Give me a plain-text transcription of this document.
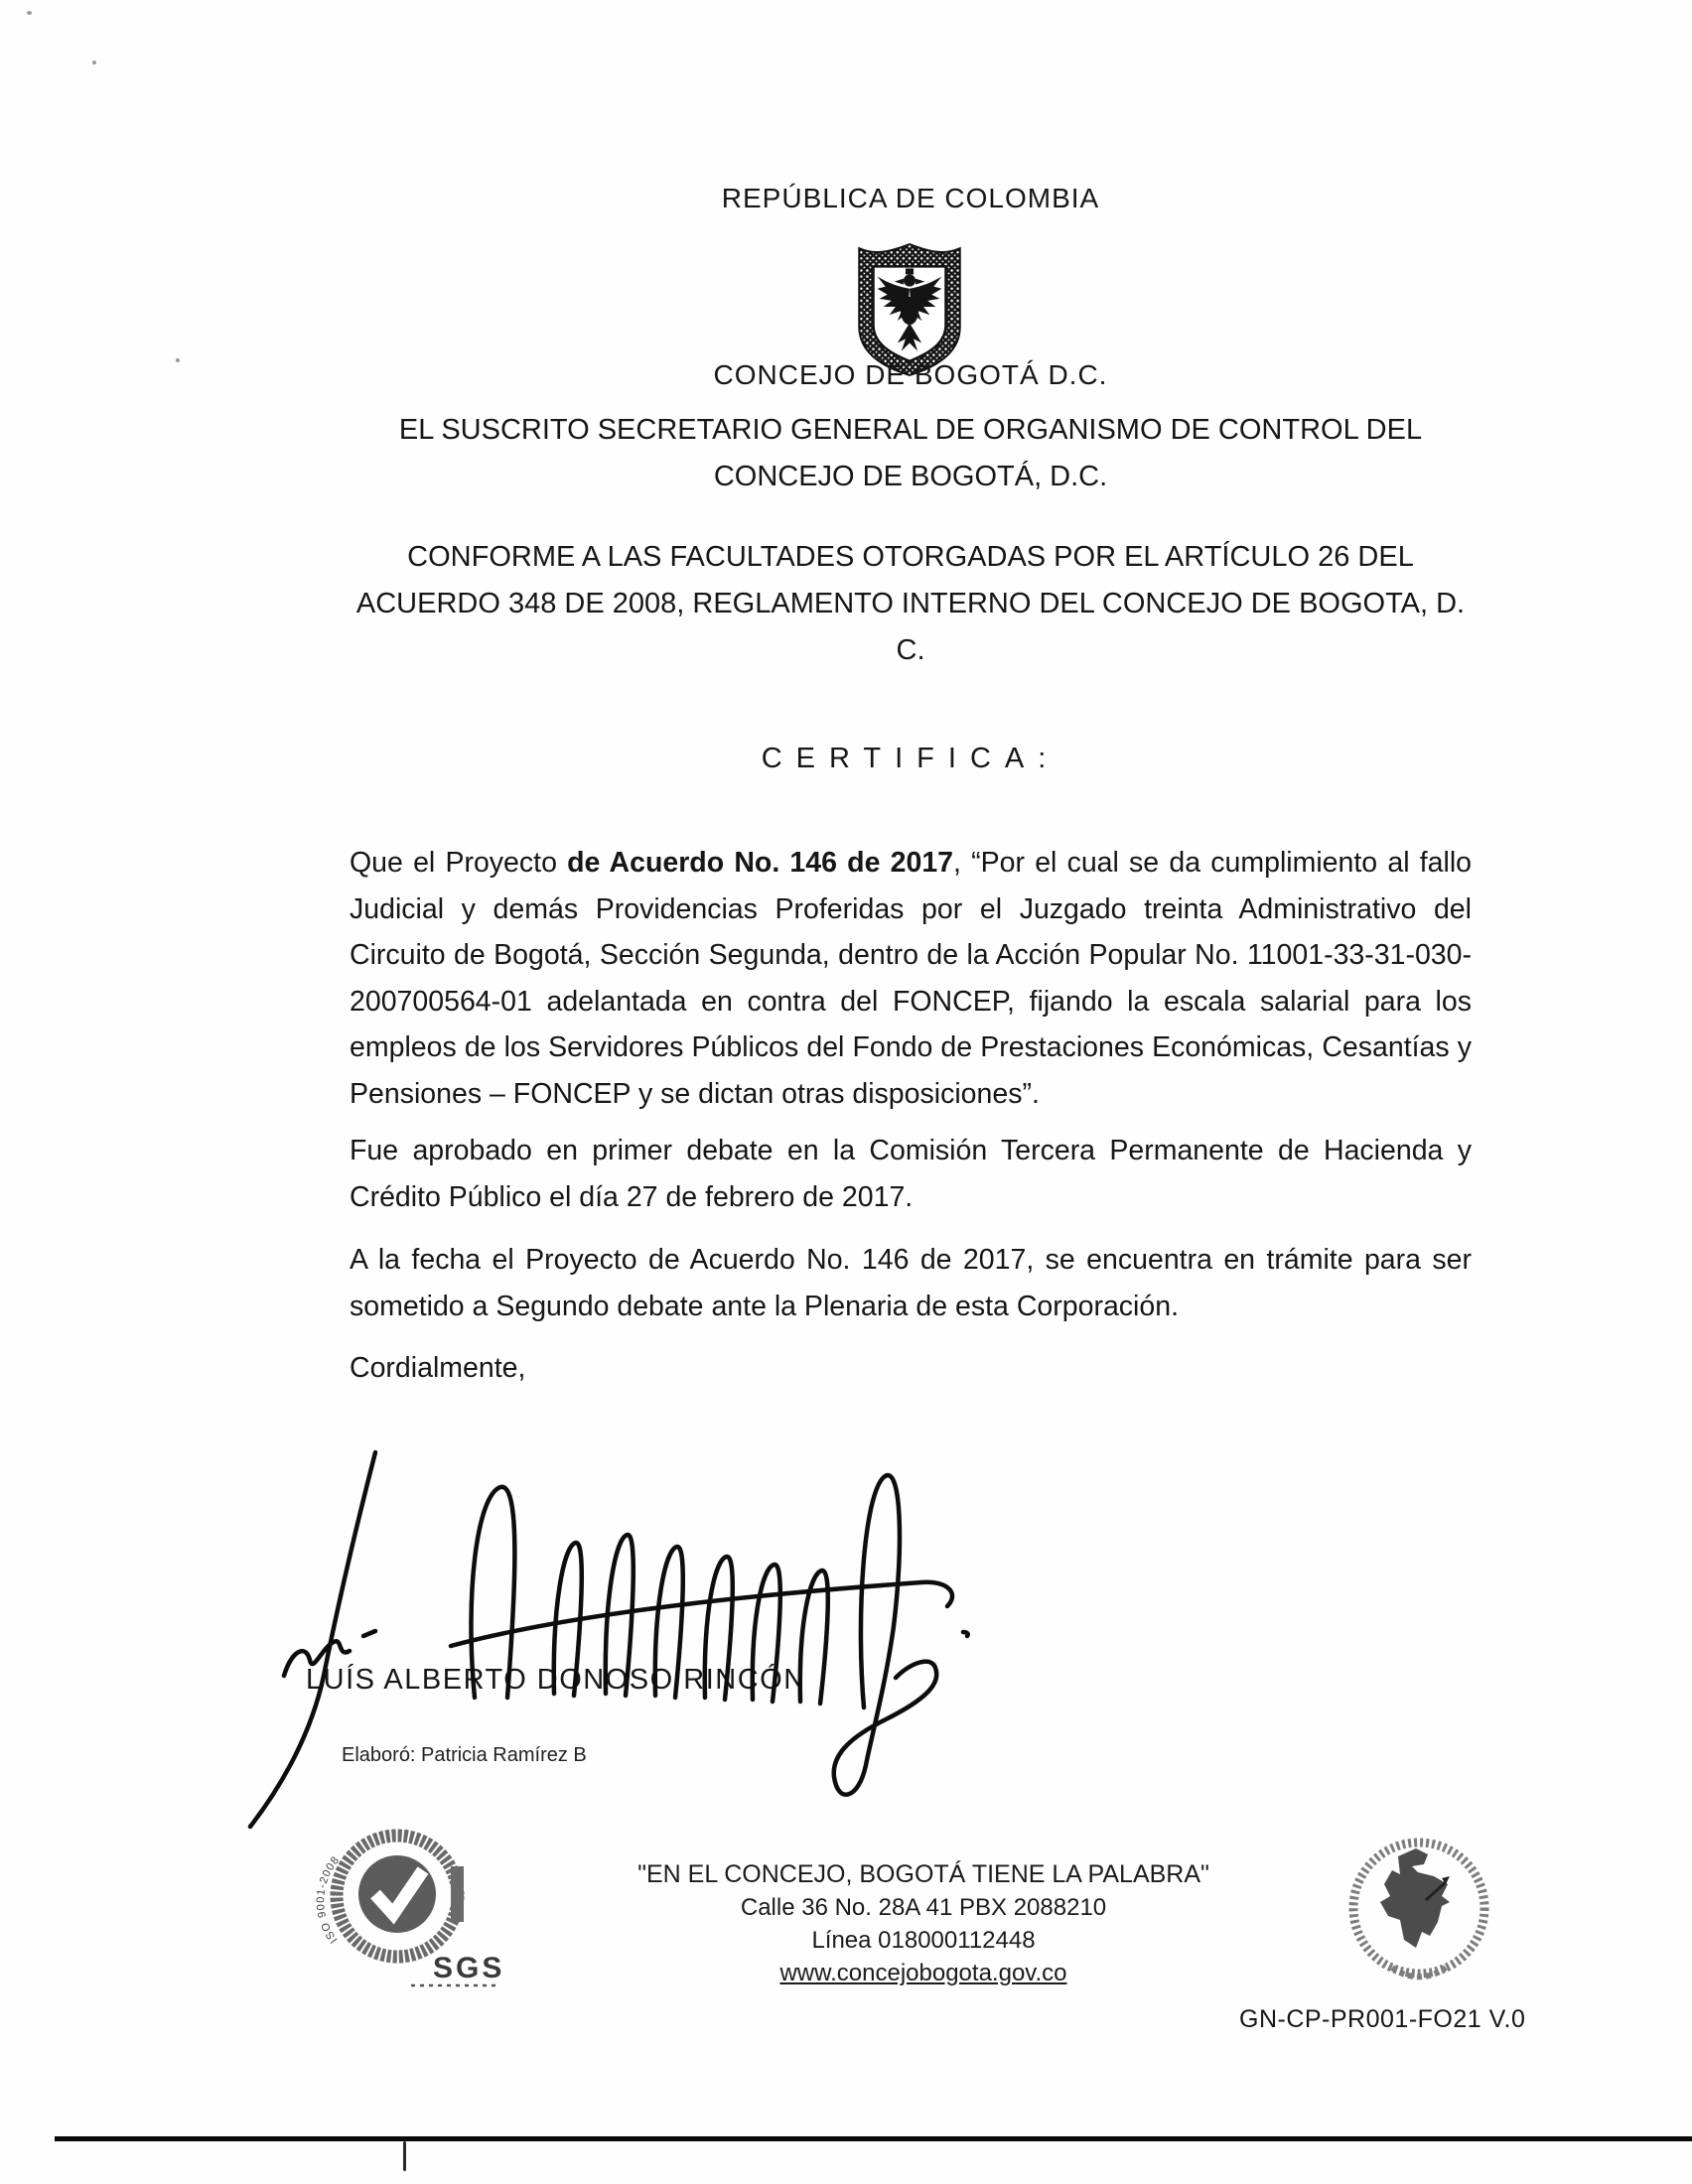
REPÚBLICA DE COLOMBIA
CONCEJO DE BOGOTÁ D.C.
EL SUSCRITO SECRETARIO GENERAL DE ORGANISMO DE CONTROL DEL CONCEJO DE BOGOTÁ, D.C.
CONFORME A LAS FACULTADES OTORGADAS POR EL ARTÍCULO 26 DEL ACUERDO 348 DE 2008, REGLAMENTO INTERNO DEL CONCEJO DE BOGOTA, D. C.
CERTIFICA:

Que el Proyecto de Acuerdo No. 146 de 2017, “Por el cual se da cumplimiento al fallo Judicial y demás Providencias Proferidas por el Juzgado treinta Administrativo del Circuito de Bogotá, Sección Segunda, dentro de la Acción Popular No. 11001-33-31-030-200700564-01 adelantada en contra del FONCEP, fijando la escala salarial para los empleos de los Servidores Públicos del Fondo de Prestaciones Económicas, Cesantías y Pensiones – FONCEP y se dictan otras disposiciones”.

Fue aprobado en primer debate en la Comisión Tercera Permanente de Hacienda y Crédito Público el día 27 de febrero de 2017.

A la fecha el Proyecto de Acuerdo No. 146 de 2017, se encuentra en trámite para ser sometido a Segundo debate ante la Plenaria de esta Corporación.

Cordialmente,
LUÍS ALBERTO DONOSO RINCÓN
Elaboró: Patricia Ramírez B
ISO 9001-2008
SGS
"EN EL CONCEJO, BOGOTÁ TIENE LA PALABRA"
Calle 36 No. 28A 41 PBX 2088210
Línea 018000112448
www.concejobogota.gov.co
GN-CP-PR001-FO21 V.0
